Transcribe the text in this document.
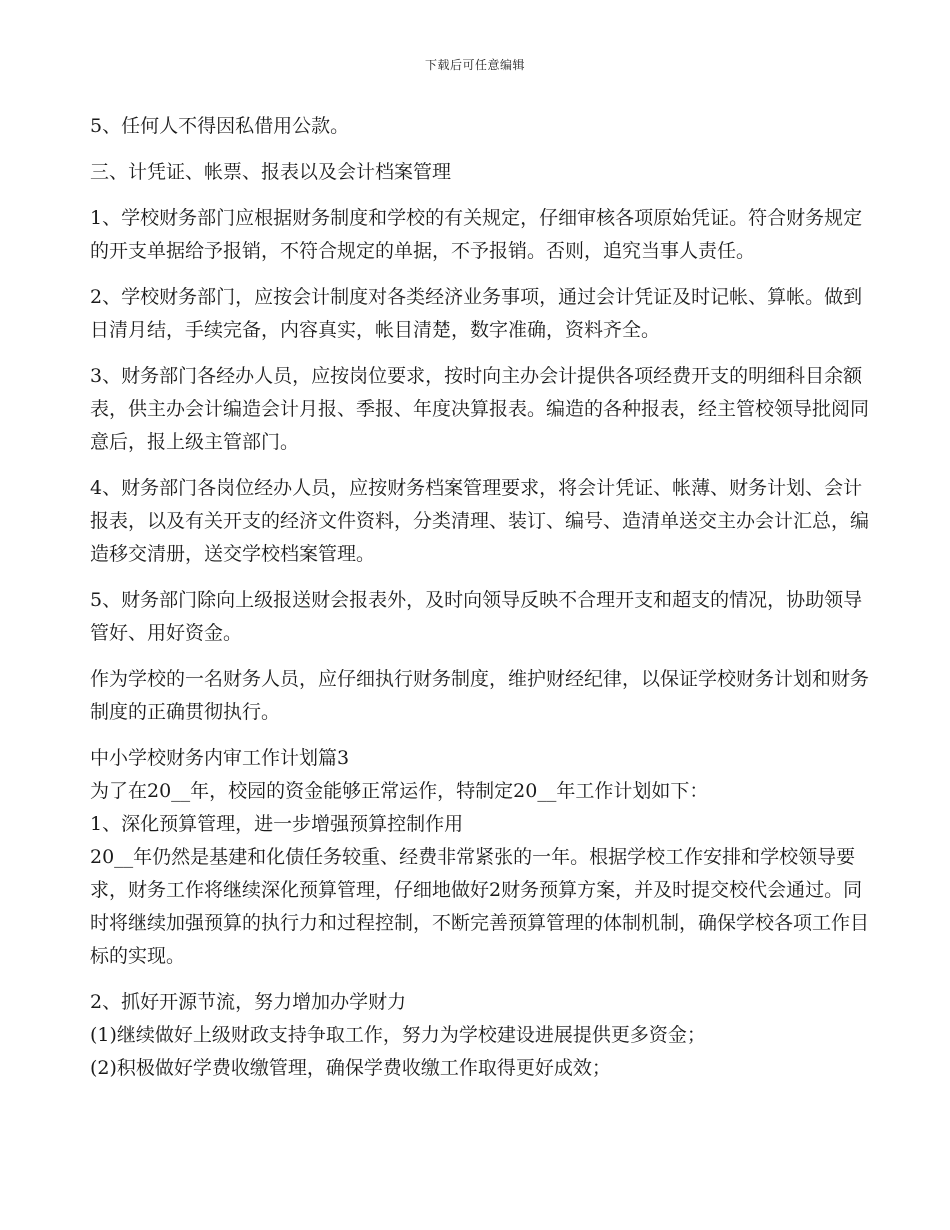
下载后可任意编辑

5、任何人不得因私借用公款。

三、计凭证、帐票、报表以及会计档案管理

1、学校财务部门应根据财务制度和学校的有关规定，仔细审核各项原始凭证。符合财务规定的开支单据给予报销，不符合规定的单据，不予报销。否则，追究当事人责任。

2、学校财务部门，应按会计制度对各类经济业务事项，通过会计凭证及时记帐、算帐。做到日清月结，手续完备，内容真实，帐目清楚，数字准确，资料齐全。

3、财务部门各经办人员，应按岗位要求，按时向主办会计提供各项经费开支的明细科目余额表，供主办会计编造会计月报、季报、年度决算报表。编造的各种报表，经主管校领导批阅同意后，报上级主管部门。

4、财务部门各岗位经办人员，应按财务档案管理要求，将会计凭证、帐薄、财务计划、会计报表，以及有关开支的经济文件资料，分类清理、装订、编号、造清单送交主办会计汇总，编造移交清册，送交学校档案管理。

5、财务部门除向上级报送财会报表外，及时向领导反映不合理开支和超支的情况，协助领导管好、用好资金。

作为学校的一名财务人员，应仔细执行财务制度，维护财经纪律，以保证学校财务计划和财务制度的正确贯彻执行。

中小学校财务内审工作计划篇3

为了在20__年，校园的资金能够正常运作，特制定20__年工作计划如下：

1、深化预算管理，进一步增强预算控制作用

20__年仍然是基建和化债任务较重、经费非常紧张的一年。根据学校工作安排和学校领导要求，财务工作将继续深化预算管理，仔细地做好2财务预算方案，并及时提交校代会通过。同时将继续加强预算的执行力和过程控制，不断完善预算管理的体制机制，确保学校各项工作目标的实现。

2、抓好开源节流，努力增加办学财力

(1)继续做好上级财政支持争取工作，努力为学校建设进展提供更多资金；

(2)积极做好学费收缴管理，确保学费收缴工作取得更好成效；
